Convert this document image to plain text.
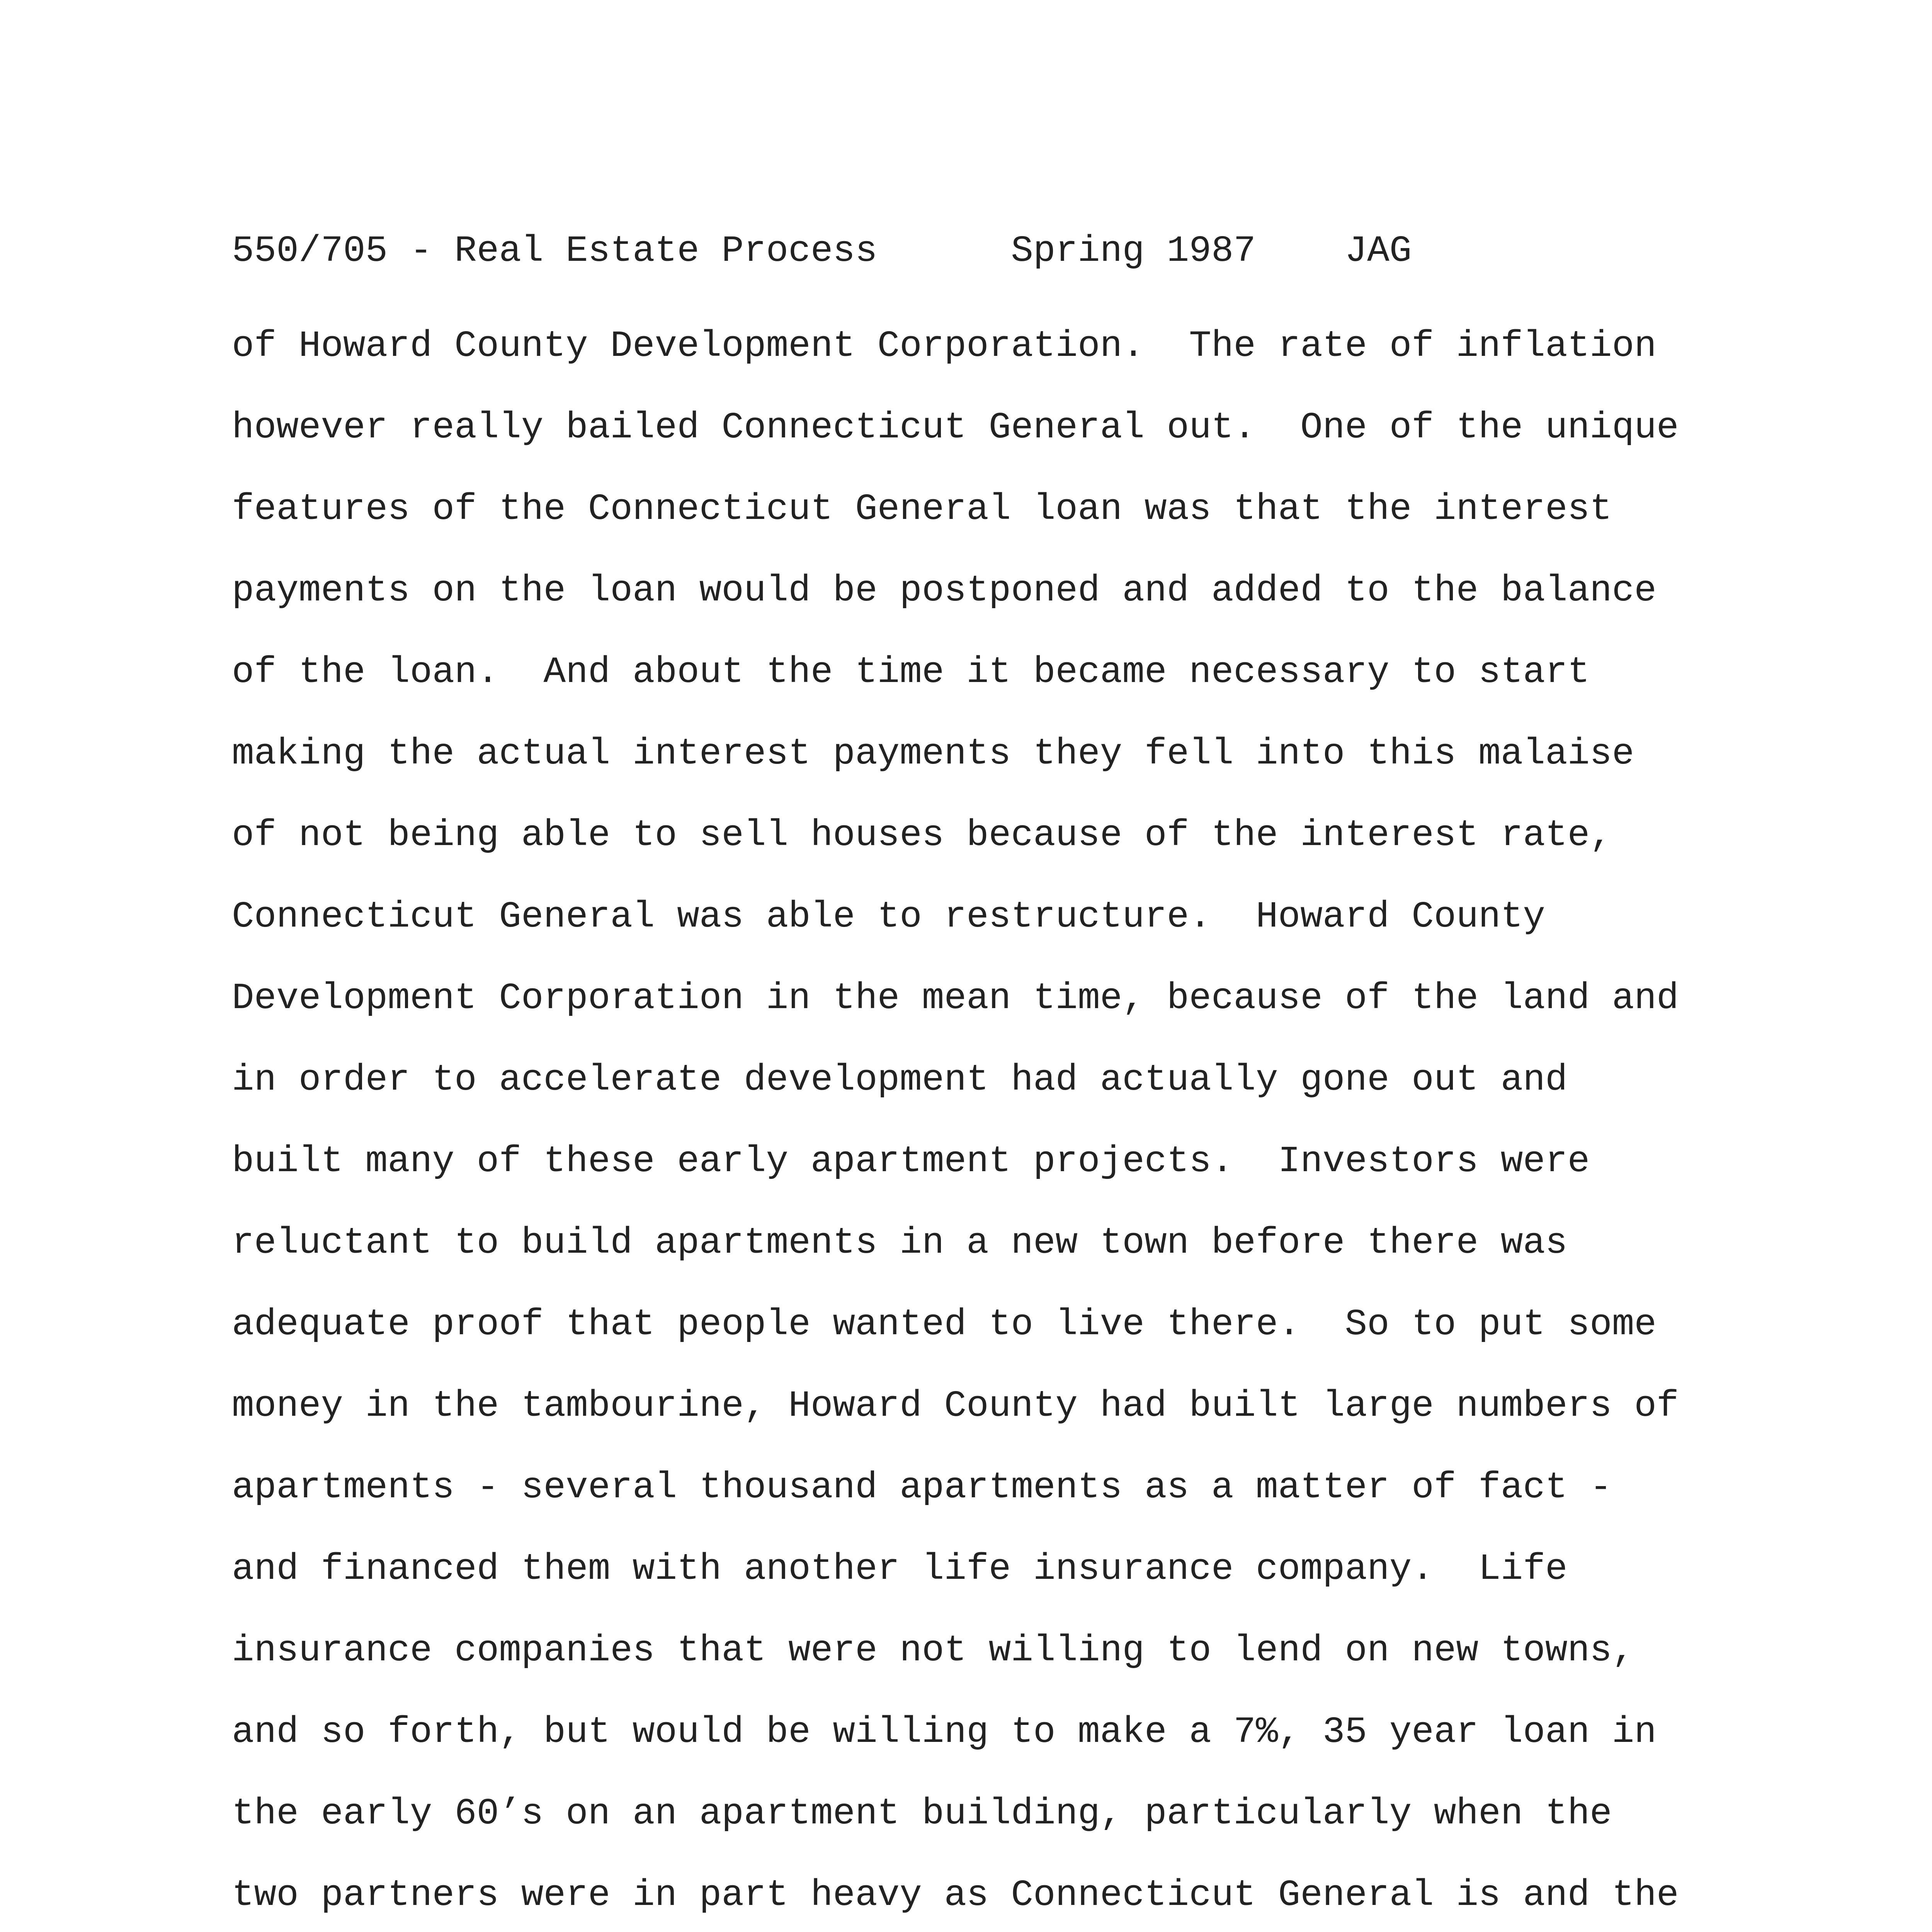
550/705 - Real Estate Process      Spring 1987    JAG
of Howard County Development Corporation.  The rate of inflation
however really bailed Connecticut General out.  One of the unique
features of the Connecticut General loan was that the interest
payments on the loan would be postponed and added to the balance
of the loan.  And about the time it became necessary to start
making the actual interest payments they fell into this malaise
of not being able to sell houses because of the interest rate,
Connecticut General was able to restructure.  Howard County
Development Corporation in the mean time, because of the land and
in order to accelerate development had actually gone out and
built many of these early apartment projects.  Investors were
reluctant to build apartments in a new town before there was
adequate proof that people wanted to live there.  So to put some
money in the tambourine, Howard County had built large numbers of
apartments - several thousand apartments as a matter of fact -
and financed them with another life insurance company.  Life
insurance companies that were not willing to lend on new towns,
and so forth, but would be willing to make a 7%, 35 year loan in
the early 60’s on an apartment building, particularly when the
two partners were in part heavy as Connecticut General is and the
